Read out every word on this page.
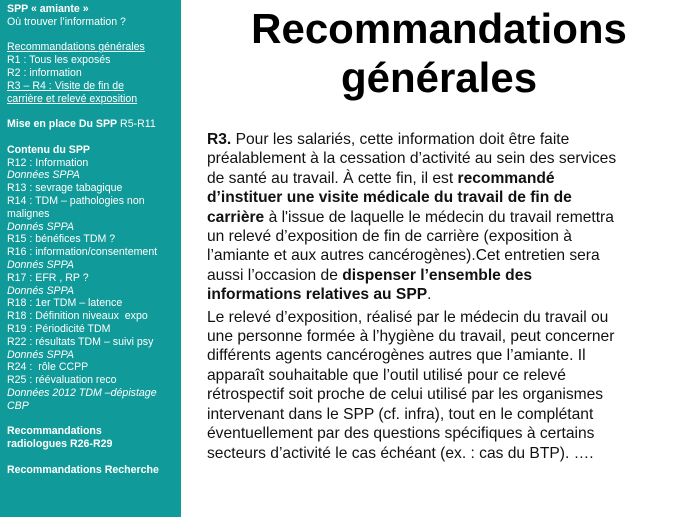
SPP « amiante »
Où trouver l’information ?
Recommandations générales
R1 : Tous les exposés
R2 : information
R3 – R4 : Visite de fin de
carrière et relevé exposition
Mise en place Du SPP R5-R11
Contenu du SPP
R12 : Information
Données SPPA
R13 : sevrage tabagique
R14 : TDM – pathologies non
malignes
Donnés SPPA
R15 : bénéfices TDM ?
R16 : information/consentement
Donnés SPPA
R17 : EFR , RP ?
Donnés SPPA
R18 : 1er TDM – latence
R18 : Définition niveaux  expo
R19 : Périodicité TDM
R22 : résultats TDM – suivi psy
Donnés SPPA
R24 :  rôle CCPP
R25 : réévaluation reco
Données 2012 TDM –dépistage
CBP
Recommandations
radiologues R26-R29
Recommandations Recherche
Recommandations
générales
R3. Pour les salariés, cette information doit être faite
préalablement à la cessation d’activité au sein des services
de santé au travail. À cette fin, il est recommandé
d’instituer une visite médicale du travail de fin de
carrière à l'issue de laquelle le médecin du travail remettra
un relevé d’exposition de fin de carrière (exposition à
l’amiante et aux autres cancérogènes).Cet entretien sera
aussi l’occasion de dispenser l’ensemble des
informations relatives au SPP.
Le relevé d’exposition, réalisé par le médecin du travail ou
une personne formée à l’hygiène du travail, peut concerner
différents agents cancérogènes autres que l’amiante. Il
apparaît souhaitable que l’outil utilisé pour ce relevé
rétrospectif soit proche de celui utilisé par les organismes
intervenant dans le SPP (cf. infra), tout en le complétant
éventuellement par des questions spécifiques à certains
secteurs d’activité le cas échéant (ex. : cas du BTP). ….
